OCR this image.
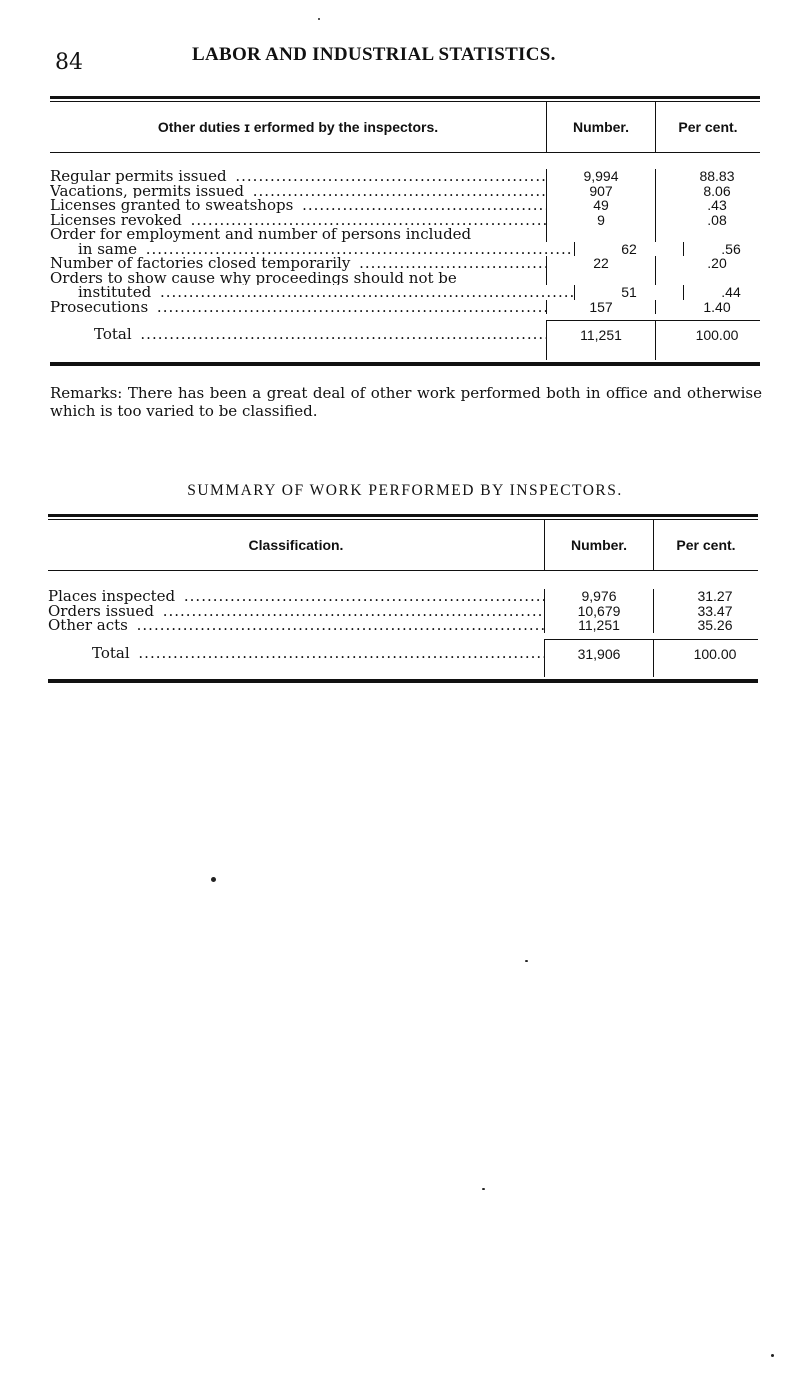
84	LABOR AND INDUSTRIAL STATISTICS.
Other duties ɪ erformed by the inspectors.	Number.	Per cent.
Regular permits issued .....	9,994	88.83
Vacations, permits issued .....	907	8.06
Licenses granted to sweatshops .....	49	.43
Licenses revoked .....	9	.08
Order for employment and number of persons included
in same .....	62	.56
Number of factories closed temporarily .....	22	.20
Orders to show cause why proceedings should not be
instituted .....	51	.44
Prosecutions .....	157	1.40
Total .....	11,251	100.00
Remarks: There has been a great deal of other work performed both in office and otherwise which is too varied to be classified.
SUMMARY OF WORK PERFORMED BY INSPECTORS.
Classification.	Number.	Per cent.
Places inspected .....	9,976	31.27
Orders issued .....	10,679	33.47
Other acts .....	11,251	35.26
Total .....	31,906	100.00
